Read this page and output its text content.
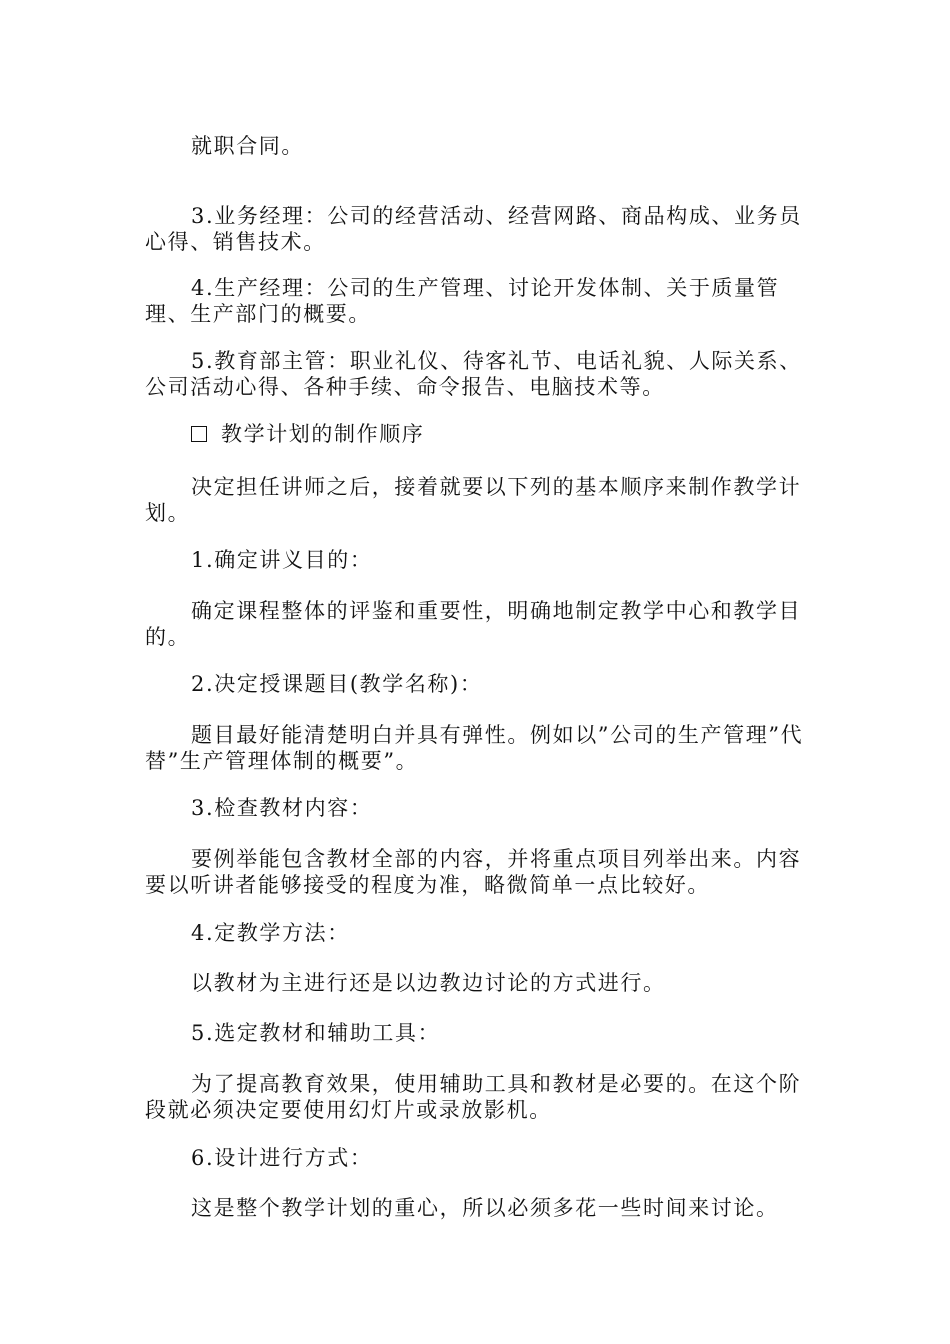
就职合同。

3.业务经理：公司的经营活动、经营网路、商品构成、业务员心得、销售技术。

4.生产经理：公司的生产管理、讨论开发体制、关于质量管理、生产部门的概要。

5.教育部主管：职业礼仪、待客礼节、电话礼貌、人际关系、公司活动心得、各种手续、命令报告、电脑技术等。

教学计划的制作顺序

决定担任讲师之后，接着就要以下列的基本顺序来制作教学计划。

1.确定讲义目的：

确定课程整体的评鉴和重要性，明确地制定教学中心和教学目的。

2.决定授课题目(教学名称)：

题目最好能清楚明白并具有弹性。例如以”公司的生产管理”代替”生产管理体制的概要”。

3.检查教材内容：

要例举能包含教材全部的内容，并将重点项目列举出来。内容要以听讲者能够接受的程度为准，略微简单一点比较好。

4.定教学方法：

以教材为主进行还是以边教边讨论的方式进行。

5.选定教材和辅助工具：

为了提高教育效果，使用辅助工具和教材是必要的。在这个阶段就必须决定要使用幻灯片或录放影机。

6.设计进行方式：

这是整个教学计划的重心，所以必须多花一些时间来讨论。
